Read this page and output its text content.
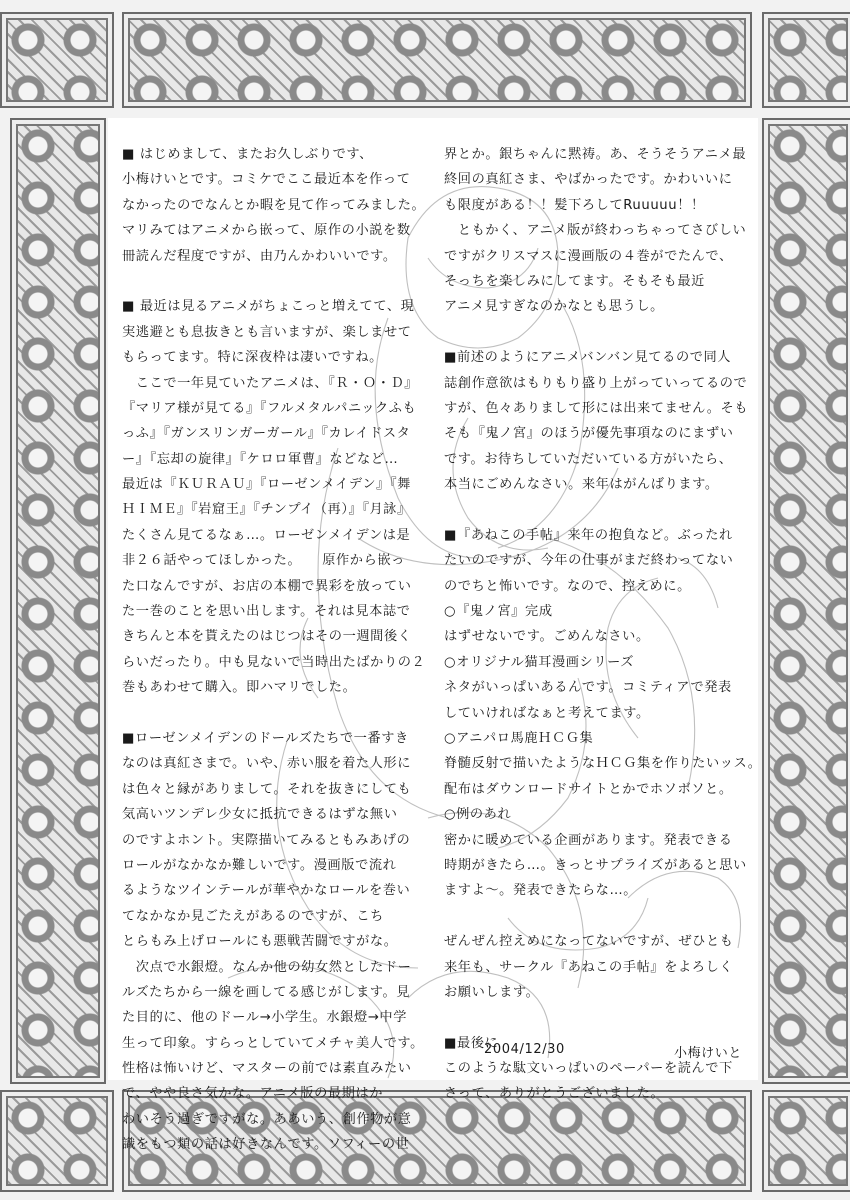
■ はじめまして、またお久しぶりです、
小梅けいとです。コミケでここ最近本を作って
なかったのでなんとか暇を見て作ってみました。
マリみてはアニメから嵌って、原作の小説を数
冊読んだ程度ですが、由乃んかわいいです。
■ 最近は見るアニメがちょこっと増えてて、現
実逃避とも息抜きとも言いますが、楽しませて
もらってます。特に深夜枠は凄いですね。
　ここで一年見ていたアニメは、『Ｒ・Ｏ・Ｄ』
『マリア様が見てる』『フルメタルパニックふも
っふ』『ガンスリンガーガール』『カレイドスタ
ー』『忘却の旋律』『ケロロ軍曹』などなど…
最近は『ＫＵＲＡＵ』『ローゼンメイデン』『舞
ＨＩＭＥ』『岩窟王』『チンプイ（再）』『月詠』
たくさん見てるなぁ…。ローゼンメイデンは是
非２６話やってほしかった。　　原作から嵌っ
た口なんですが、お店の本棚で異彩を放ってい
た一巻のことを思い出します。それは見本誌で
きちんと本を貰えたのはじつはその一週間後く
らいだったり。中も見ないで当時出たばかりの２
巻もあわせて購入。即ハマリでした。
■ローゼンメイデンのドールズたちで一番すき
なのは真紅さまで。いや、赤い服を着た人形に
は色々と縁がありまして。それを抜きにしても
気高いツンデレ少女に抵抗できるはずな無い
のですよホント。実際描いてみるともみあげの
ロールがなかなか難しいです。漫画版で流れ
るようなツインテールが華やかなロールを巻い
てなかなか見ごたえがあるのですが、こち
とらもみ上げロールにも悪戦苦闘ですがな。
　次点で水銀燈。なんか他の幼女然としたドー
ルズたちから一線を画してる感じがします。見
た目的に、他のドール→小学生。水銀燈→中学
生って印象。すらっとしていてメチャ美人です。
性格は怖いけど、マスターの前では素直みたい
で、やや良さ気かな。アニメ版の最期はか
わいそう過ぎですがな。ああいう、創作物が意
識をもつ類の話は好きなんです。ソフィーの世
界とか。銀ちゃんに黙祷。あ、そうそうアニメ最
終回の真紅さま、やばかったです。かわいいに
も限度がある！！髪下ろしてRuuuuu！！
　ともかく、アニメ版が終わっちゃってさびしい
ですがクリスマスに漫画版の４巻がでたんで、
そっちを楽しみにしてます。そもそも最近
アニメ見すぎなのかなとも思うし。
■前述のようにアニメバンバン見てるので同人
誌創作意欲はもりもり盛り上がっていってるので
すが、色々ありまして形には出来てません。そも
そも『鬼ノ宮』のほうが優先事項なのにまずい
です。お待ちしていただいている方がいたら、
本当にごめんなさい。来年はがんばります。
■『あねこの手帖』来年の抱負など。ぶったれ
たいのですが、今年の仕事がまだ終わってない
のでちと怖いです。なので、控えめに。
○『鬼ノ宮』完成
はずせないです。ごめんなさい。
○オリジナル猫耳漫画シリーズ
ネタがいっぱいあるんです。コミティアで発表
していければなぁと考えてます。
○アニパロ馬鹿ＨＣＧ集
脊髄反射で描いたようなＨＣＧ集を作りたいッス。
配布はダウンロードサイトとかでホソボソと。
○例のあれ
密かに暖めている企画があります。発表できる
時期がきたら…。きっとサプライズがあると思い
ますよ～。発表できたらな…。
ぜんぜん控えめになってないですが、ぜひとも
来年も、サークル『あねこの手帖』をよろしく
お願いします。
■最後に
このような駄文いっぱいのペーパーを読んで下
さって、ありがとうございました。
2004/12/30	小梅けいと
